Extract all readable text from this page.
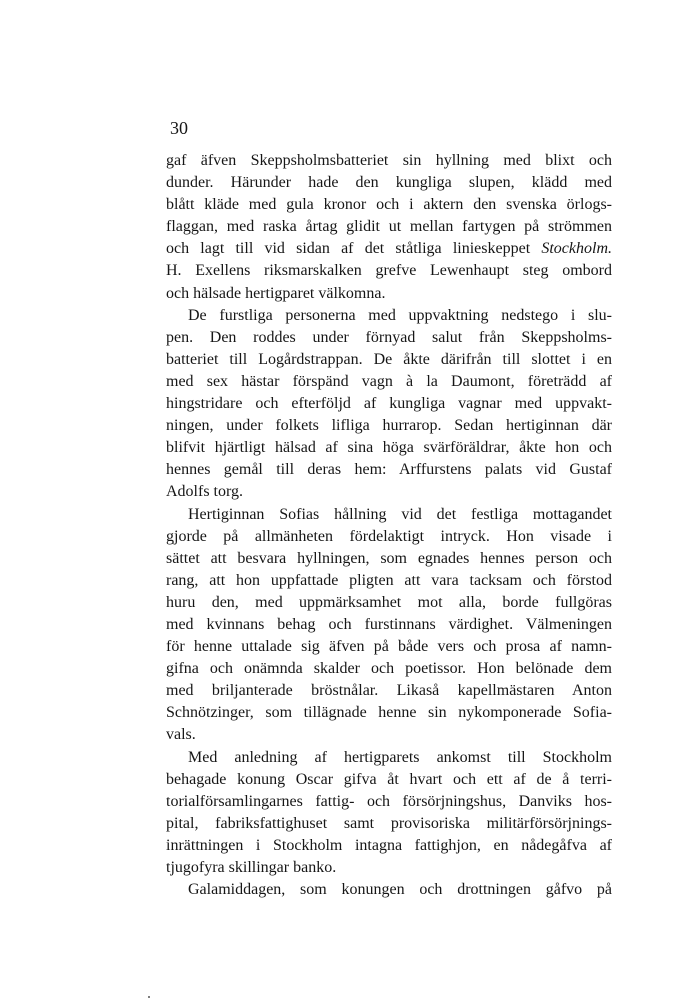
30
gaf äfven Skeppsholmsbatteriet sin hyllning med blixt och
dunder. Härunder hade den kungliga slupen, klädd med
blått kläde med gula kronor och i aktern den svenska örlogs-
flaggan, med raska årtag glidit ut mellan fartygen på strömmen
och lagt till vid sidan af det ståtliga linieskeppet Stockholm.
H. Exellens riksmarskalken grefve Lewenhaupt steg ombord
och hälsade hertigparet välkomna.
De furstliga personerna med uppvaktning nedstego i slu-
pen. Den roddes under förnyad salut från Skeppsholms-
batteriet till Logårdstrappan. De åkte därifrån till slottet i en
med sex hästar förspänd vagn à la Daumont, företrädd af
hingstridare och efterföljd af kungliga vagnar med uppvakt-
ningen, under folkets lifliga hurrarop. Sedan hertiginnan där
blifvit hjärtligt hälsad af sina höga svärföräldrar, åkte hon och
hennes gemål till deras hem: Arffurstens palats vid Gustaf
Adolfs torg.
Hertiginnan Sofias hållning vid det festliga mottagandet
gjorde på allmänheten fördelaktigt intryck. Hon visade i
sättet att besvara hyllningen, som egnades hennes person och
rang, att hon uppfattade pligten att vara tacksam och förstod
huru den, med uppmärksamhet mot alla, borde fullgöras
med kvinnans behag och furstinnans värdighet. Välmeningen
för henne uttalade sig äfven på både vers och prosa af namn-
gifna och onämnda skalder och poetissor. Hon belönade dem
med briljanterade bröstnålar. Likaså kapellmästaren Anton
Schnötzinger, som tillägnade henne sin nykomponerade Sofia-
vals.
Med anledning af hertigparets ankomst till Stockholm
behagade konung Oscar gifva åt hvart och ett af de å terri-
torialförsamlingarnes fattig- och försörjningshus, Danviks hos-
pital, fabriksfattighuset samt provisoriska militärförsörjnings-
inrättningen i Stockholm intagna fattighjon, en nådegåfva af
tjugofyra skillingar banko.
Galamiddagen, som konungen och drottningen gåfvo på
